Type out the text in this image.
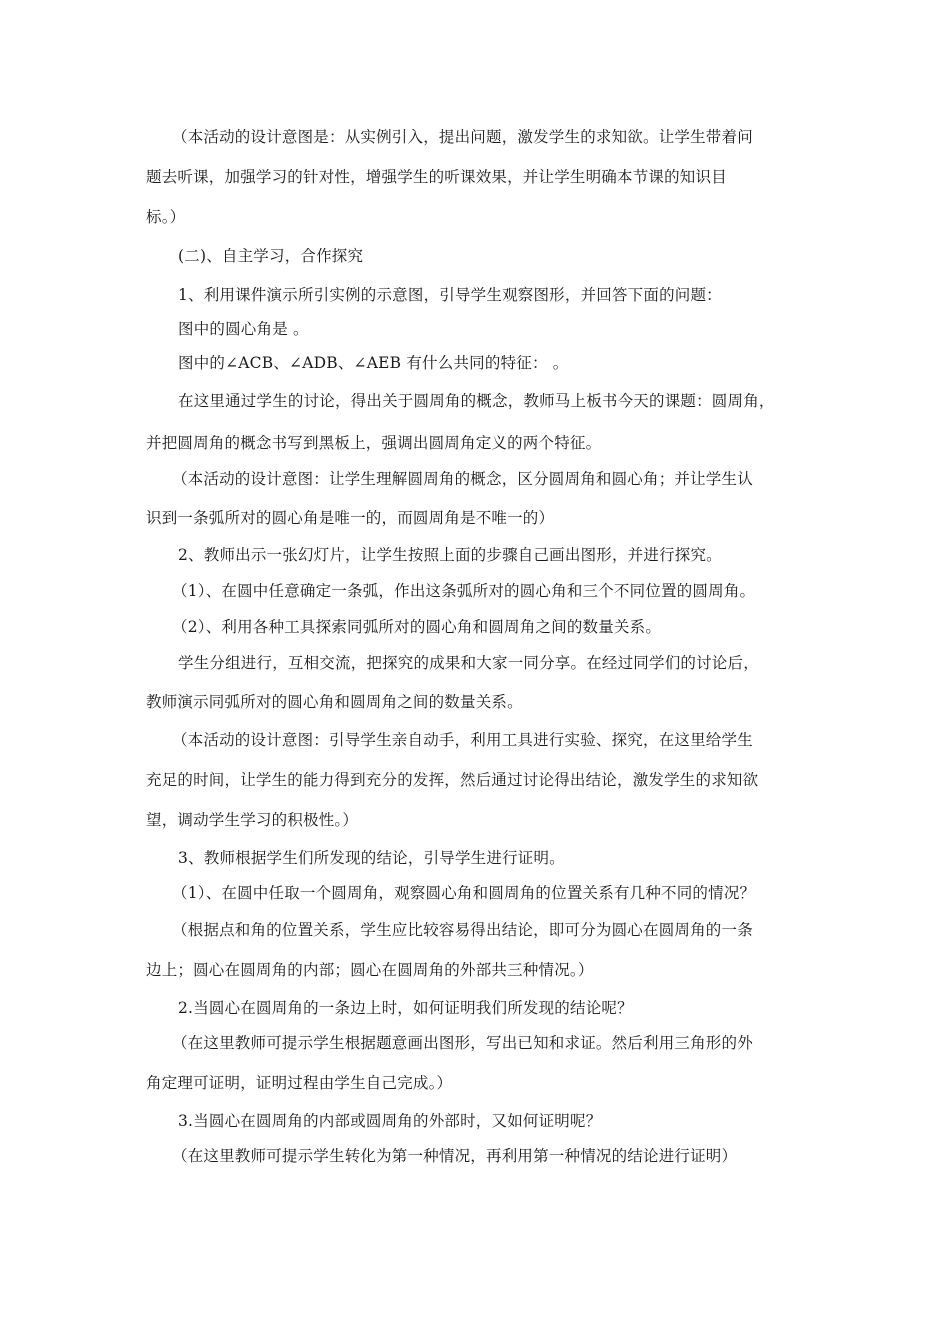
（本活动的设计意图是：从实例引入，提出问题，激发学生的求知欲。让学生带着问
题去听课，加强学习的针对性，增强学生的听课效果，并让学生明确本节课的知识目
标。）
(二)、自主学习，合作探究
1、利用课件演示所引实例的示意图，引导学生观察图形，并回答下面的问题：
图中的圆心角是 。
图中的∠ACB、∠ADB、∠AEB 有什么共同的特征： 。
在这里通过学生的讨论，得出关于圆周角的概念，教师马上板书今天的课题：圆周角，
并把圆周角的概念书写到黑板上，强调出圆周角定义的两个特征。
（本活动的设计意图：让学生理解圆周角的概念，区分圆周角和圆心角；并让学生认
识到一条弧所对的圆心角是唯一的，而圆周角是不唯一的）
2、教师出示一张幻灯片，让学生按照上面的步骤自己画出图形，并进行探究。
（1）、在圆中任意确定一条弧，作出这条弧所对的圆心角和三个不同位置的圆周角。
（2）、利用各种工具探索同弧所对的圆心角和圆周角之间的数量关系。
学生分组进行，互相交流，把探究的成果和大家一同分享。在经过同学们的讨论后，
教师演示同弧所对的圆心角和圆周角之间的数量关系。
（本活动的设计意图：引导学生亲自动手，利用工具进行实验、探究，在这里给学生
充足的时间，让学生的能力得到充分的发挥，然后通过讨论得出结论，激发学生的求知欲
望，调动学生学习的积极性。）
3、教师根据学生们所发现的结论，引导学生进行证明。
（1）、在圆中任取一个圆周角，观察圆心角和圆周角的位置关系有几种不同的情况？
（根据点和角的位置关系，学生应比较容易得出结论，即可分为圆心在圆周角的一条
边上；圆心在圆周角的内部；圆心在圆周角的外部共三种情况。）
2.当圆心在圆周角的一条边上时，如何证明我们所发现的结论呢？
（在这里教师可提示学生根据题意画出图形，写出已知和求证。然后利用三角形的外
角定理可证明，证明过程由学生自己完成。）
3.当圆心在圆周角的内部或圆周角的外部时，又如何证明呢？
（在这里教师可提示学生转化为第一种情况，再利用第一种情况的结论进行证明）
